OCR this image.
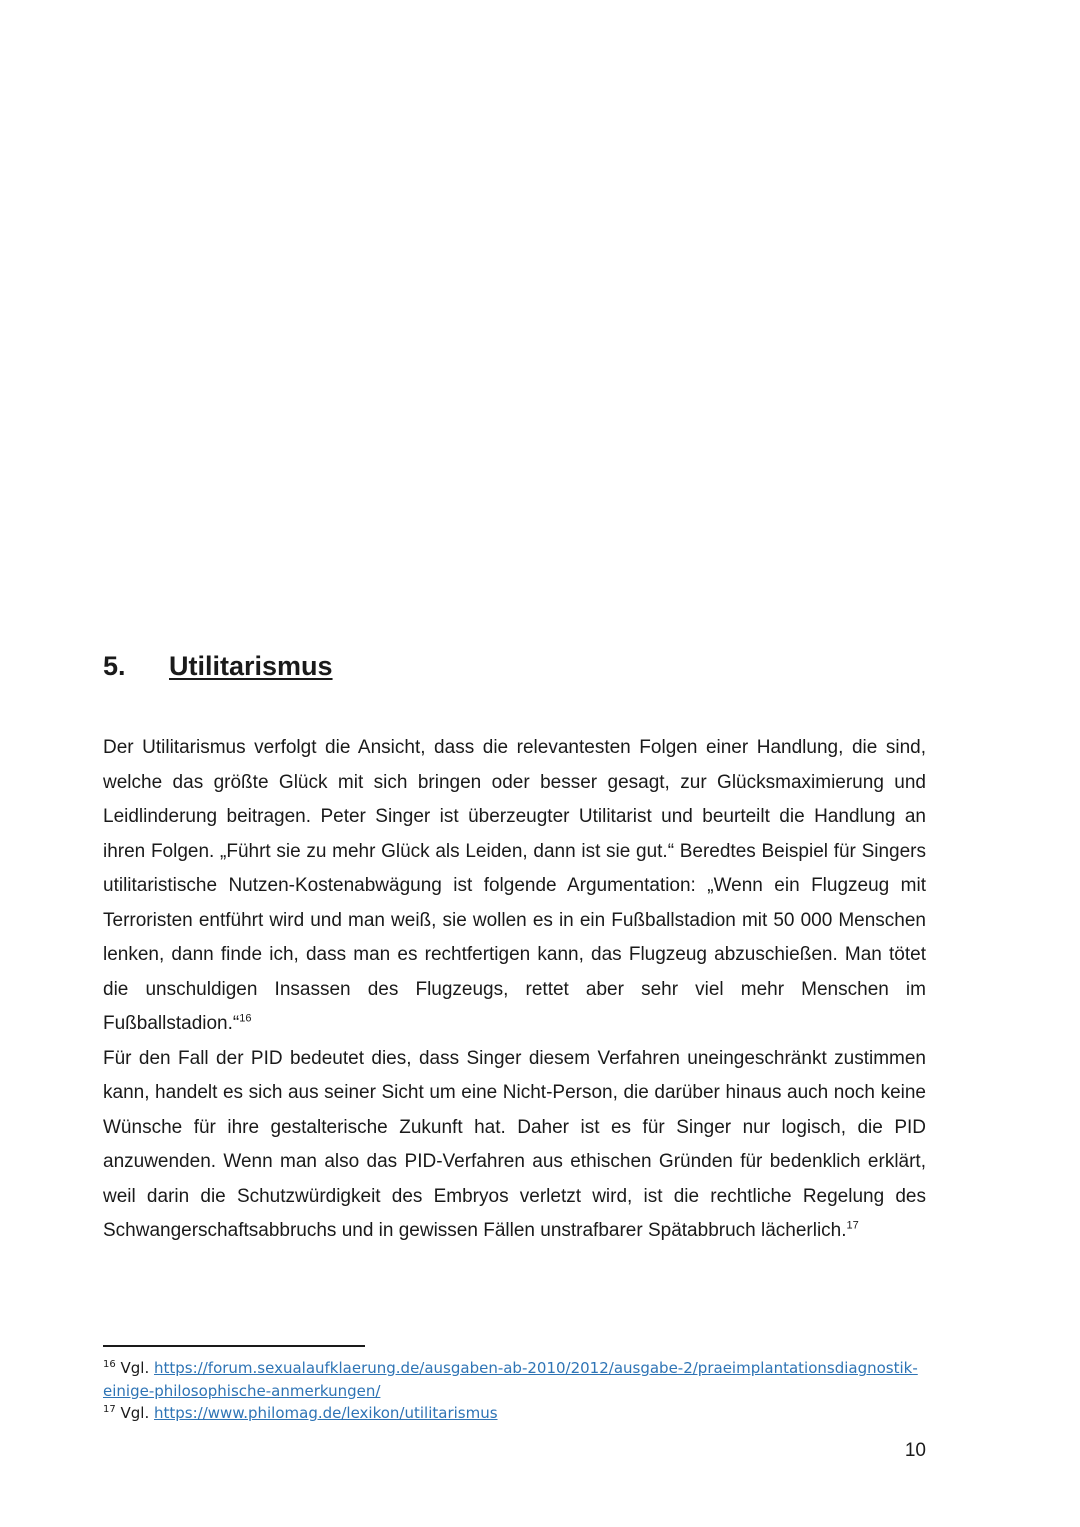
5.	Utilitarismus

Der Utilitarismus verfolgt die Ansicht, dass die relevantesten Folgen einer Handlung, die sind, welche das größte Glück mit sich bringen oder besser gesagt, zur Glücksmaximierung und Leidlinderung beitragen. Peter Singer ist überzeugter Utilitarist und beurteilt die Handlung an ihren Folgen. „Führt sie zu mehr Glück als Leiden, dann ist sie gut.“ Beredtes Beispiel für Singers utilitaristische Nutzen-Kostenabwägung ist folgende Argumentation: „Wenn ein Flugzeug mit Terroristen entführt wird und man weiß, sie wollen es in ein Fußballstadion mit 50 000 Menschen lenken, dann finde ich, dass man es rechtfertigen kann, das Flugzeug abzuschießen. Man tötet die unschuldigen Insassen des Flugzeugs, rettet aber sehr viel mehr Menschen im Fußballstadion.“$^{16}$

Für den Fall der PID bedeutet dies, dass Singer diesem Verfahren uneingeschränkt zustimmen kann, handelt es sich aus seiner Sicht um eine Nicht-Person, die darüber hinaus auch noch keine Wünsche für ihre gestalterische Zukunft hat. Daher ist es für Singer nur logisch, die PID anzuwenden. Wenn man also das PID-Verfahren aus ethischen Gründen für bedenklich erklärt, weil darin die Schutzwürdigkeit des Embryos verletzt wird, ist die rechtliche Regelung des Schwangerschaftsabbruchs und in gewissen Fällen unstrafbarer Spätabbruch lächerlich.$^{17}$

$^{16}$ Vgl. https://forum.sexualaufklaerung.de/ausgaben-ab-2010/2012/ausgabe-2/praeimplantationsdiagnostik-einige-philosophische-anmerkungen/

$^{17}$ Vgl. https://www.philomag.de/lexikon/utilitarismus

10
